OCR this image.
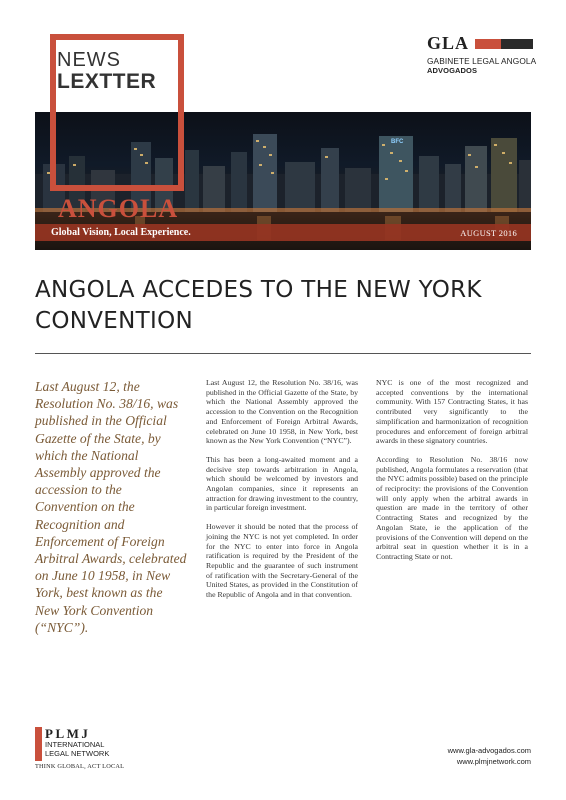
NEWS
LEXTTER
GLA
GABINETE LEGAL ANGOLA
ADVOGADOS
BFC
ANGOLA
Global Vision, Local Experience.	AUGUST 2016
ANGOLA ACCEDES TO THE NEW YORK CONVENTION
Last August 12, the Resolution No. 38/16, was published in the Official Gazette of the State, by which the National Assembly approved the accession to the Convention on the Recognition and Enforcement of Foreign Arbitral Awards, celebrated on June 10 1958, in New York, best known as the New York Convention (“NYC”).

Last August 12, the Resolution No. 38/16, was published in the Official Gazette of the State, by which the National Assembly approved the accession to the Convention on the Recognition and Enforcement of Foreign Arbitral Awards, celebrated on June 10 1958, in New York, best known as the New York Convention (“NYC”).

This has been a long-awaited moment and a decisive step towards arbitration in Angola, which should be welcomed by investors and Angolan companies, since it represents an attraction for drawing investment to the country, in particular foreign investment.

However it should be noted that the process of joining the NYC is not yet completed. In order for the NYC to enter into force in Angola ratification is required by the President of the Republic and the guarantee of such instrument of ratification with the Secretary-General of the United States, as provided in the Constitution of the Republic of Angola and in that convention.

NYC is one of the most recognized and accepted conventions by the international community. With 157 Contracting States, it has contributed very significantly to the simplification and harmonization of recognition procedures and enforcement of foreign arbitral awards in these signatory countries.

According to Resolution No. 38/16 now published, Angola formulates a reservation (that the NYC admits possible) based on the principle of reciprocity: the provisions of the Convention will only apply when the arbitral awards in question are made in the territory of other Contracting States and recognized by the Angolan State, ie the application of the provisions of the Convention will depend on the arbitral seat in question whether it is in a Contracting State or not.

PLMJ
INTERNATIONAL
LEGAL NETWORK
THINK GLOBAL, ACT LOCAL
www.gla-advogados.com
www.plmjnetwork.com
